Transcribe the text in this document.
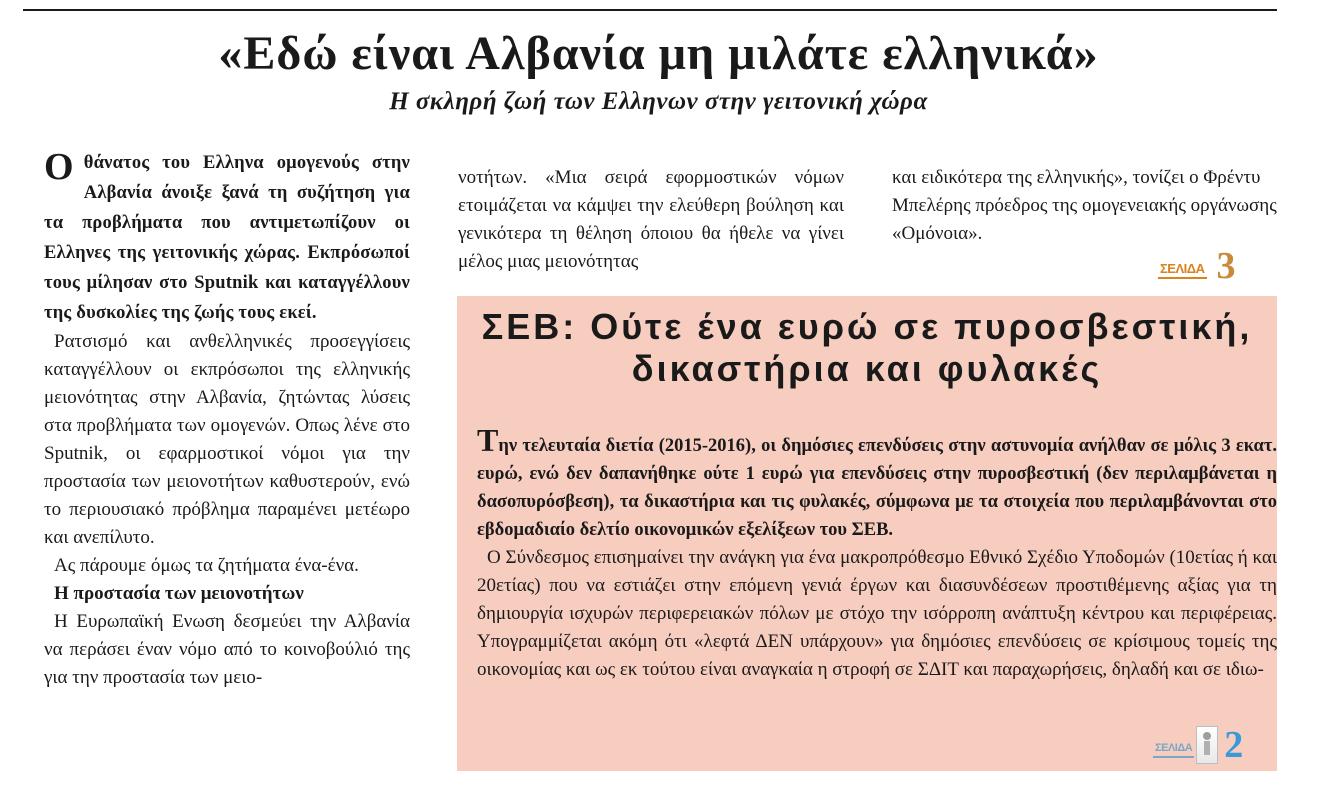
«Εδώ είναι Αλβανία μη μιλάτε ελληνικά»
Η σκληρή ζωή των Ελληνων στην γειτονική χώρα

Oθάνατος του Ελληνα ομογενούς στην Αλβανία άνοιξε ξανά τη συζήτηση για τα προβλήματα που αντιμετωπίζουν οι Ελληνες της γειτονικής χώρας. Εκπρόσωποί τους μίλησαν στο Sputnik και καταγγέλλουν της δυσκολίες της ζωής τους εκεί.

Ρατσισμό και ανθελληνικές προσεγγίσεις καταγγέλλουν οι εκπρόσωποι της ελληνικής μειονότητας στην Αλβανία, ζητώντας λύσεις στα προβλήματα των ομογενών. Οπως λένε στο Sputnik, οι εφαρμοστικοί νόμοι για την προστασία των μειονοτήτων καθυστερούν, ενώ το περιουσιακό πρόβλημα παραμένει μετέωρο και ανεπίλυτο.

Ας πάρουμε όμως τα ζητήματα ένα-ένα.

Η προστασία των μειονοτήτων

Η Ευρωπαϊκή Ενωση δεσμεύει την Αλβανία να περάσει έναν νόμο από το κοινοβούλιό της για την προστασία των μειο-

νοτήτων. «Μια σειρά εφορμοστικών νόμων ετοιμάζεται να κάμψει την ελεύθερη βούληση και γενικότερα τη θέληση όποιου θα ήθελε να γίνει μέλος μιας μειονότητας

και ειδικότερα της ελληνικής», τονίζει ο Φρέντυ Μπελέρης πρόεδρος της ομογενειακής οργάνωσης «Ομόνοια».

ΣΕΛΙΔΑ 3
ΣΕΒ: Ούτε ένα ευρώ σε πυροσβεστική,
δικαστήρια και φυλακές

Την τελευταία διετία (2015-2016), οι δημόσιες επενδύσεις στην αστυνομία ανήλθαν σε μόλις 3 εκατ. ευρώ, ενώ δεν δαπανήθηκε ούτε 1 ευρώ για επενδύσεις στην πυροσβεστική (δεν περιλαμβάνεται η δασοπυρόσβεση), τα δικαστήρια και τις φυλακές, σύμφωνα με τα στοιχεία που περιλαμβάνονται στο εβδομαδιαίο δελτίο οικονομικών εξελίξεων του ΣΕΒ.

Ο Σύνδεσμος επισημαίνει την ανάγκη για ένα μακροπρόθεσμο Εθνικό Σχέδιο Υποδομών (10ετίας ή και 20ετίας) που να εστιάζει στην επόμενη γενιά έργων και διασυνδέσεων προστιθέμενης αξίας για τη δημιουργία ισχυρών περιφερειακών πόλων με στόχο την ισόρροπη ανάπτυξη κέντρου και περιφέρειας. Υπογραμμίζεται ακόμη ότι «λεφτά ΔΕΝ υπάρχουν» για δημόσιες επενδύσεις σε κρίσιμους τομείς της οικονομίας και ως εκ τούτου είναι αναγκαία η στροφή σε ΣΔΙΤ και παραχωρήσεις, δηλαδή και σε ιδιω-

ΣΕΛΙΔΑ 2
